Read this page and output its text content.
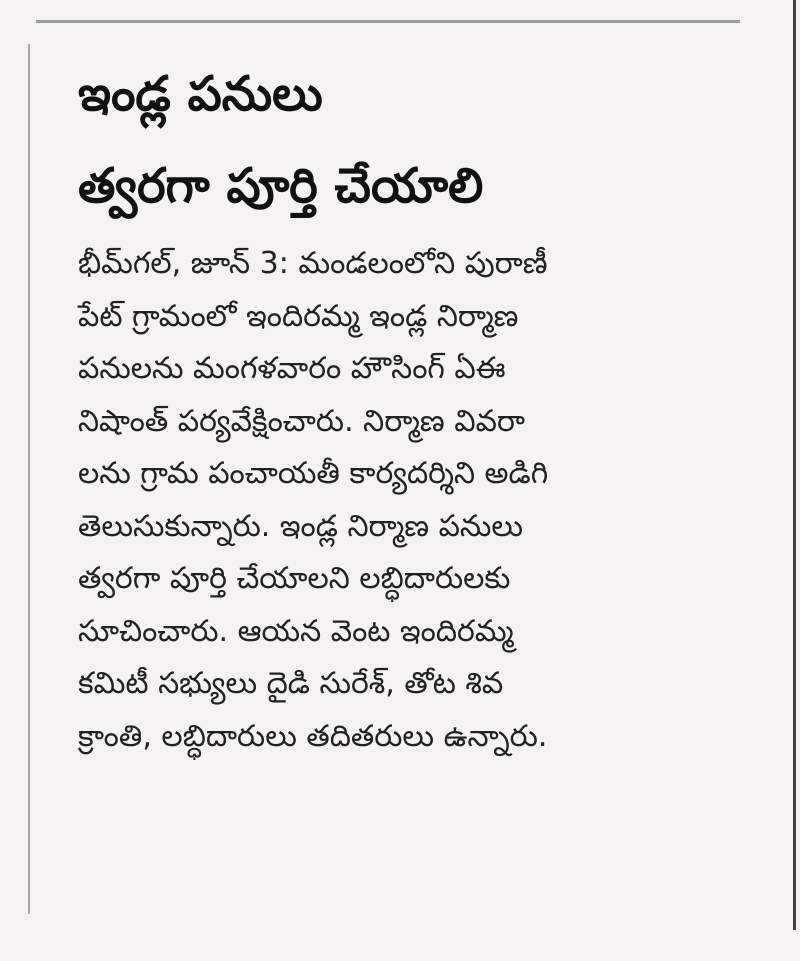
ఇండ్ల పనులు
త్వరగా పూర్తి చేయాలి
భీమ్‌గల్, జూన్ 3: మండలంలోని పురాణీ
పేట్ గ్రామంలో ఇందిరమ్మ ఇండ్ల నిర్మాణ
పనులను మంగళవారం హౌసింగ్ ఏఈ
నిషాంత్ పర్యవేక్షించారు. నిర్మాణ వివరా
లను గ్రామ పంచాయతీ కార్యదర్శిని అడిగి
తెలుసుకున్నారు. ఇండ్ల నిర్మాణ పనులు
త్వరగా పూర్తి చేయాలని లబ్ధిదారులకు
సూచించారు. ఆయన వెంట ఇందిరమ్మ
కమిటీ సభ్యులు దైడి సురేశ్, తోట శివ
క్రాంతి, లబ్ధిదారులు తదితరులు ఉన్నారు.
